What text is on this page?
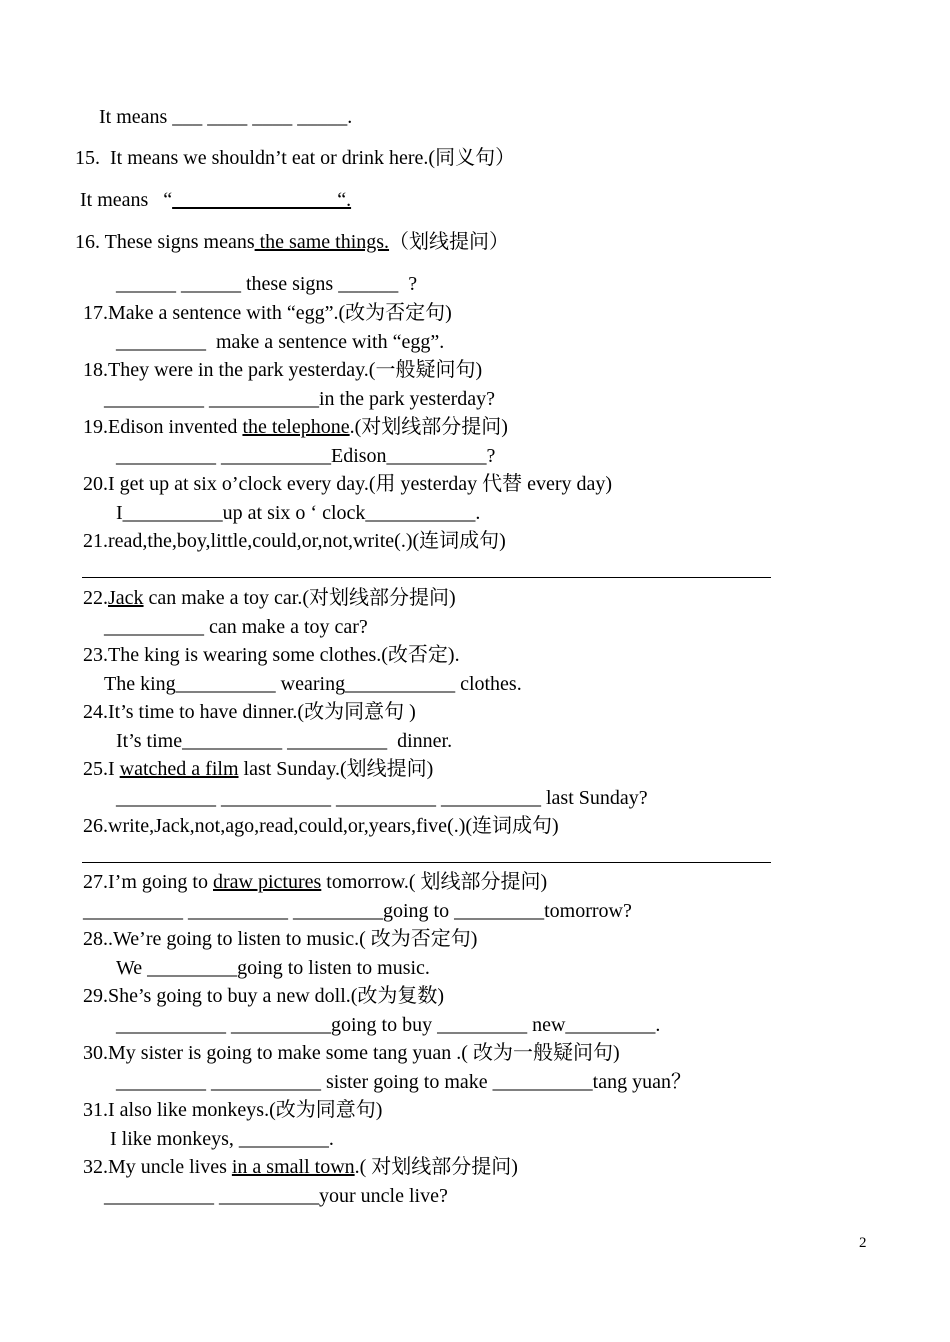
It means ___ ____ ____ _____.
15.  It means we shouldn’t eat or drink here.(同义句）
It means   “____ ____ __ _____“.
16. These signs means the same things.（划线提问）
______ ______ these signs ______  ?
17.Make a sentence with “egg”.(改为否定句)
_________  make a sentence with “egg”.
18.They were in the park yesterday.(一般疑问句)
__________ ___________in the park yesterday?
19.Edison invented the telephone.(对划线部分提问)
__________ ___________Edison__________?
20.I get up at six o’clock every day.(用 yesterday 代替 every day)
I__________up at six o ‘ clock___________.
21.read,the,boy,little,could,or,not,write(.)(连词成句)
22.Jack can make a toy car.(对划线部分提问)
__________ can make a toy car?
23.The king is wearing some clothes.(改否定).
The king__________ wearing___________ clothes.
24.It’s time to have dinner.(改为同意句 )
It’s time__________ __________  dinner.
25.I watched a film last Sunday.(划线提问)
__________ ___________ __________ __________ last Sunday?
26.write,Jack,not,ago,read,could,or,years,five(.)(连词成句)
27.I’m going to draw pictures tomorrow.( 划线部分提问)
__________ __________ _________going to _________tomorrow?
28..We’re going to listen to music.( 改为否定句)
We _________going to listen to music.
29.She’s going to buy a new doll.(改为复数)
___________ __________going to buy _________ new_________.
30.My sister is going to make some tang yuan .( 改为一般疑问句)
_________ ___________ sister going to make __________tang yuan？
31.I also like monkeys.(改为同意句)
I like monkeys, _________.
32.My uncle lives in a small town.( 对划线部分提问)
___________ __________your uncle live?
2
